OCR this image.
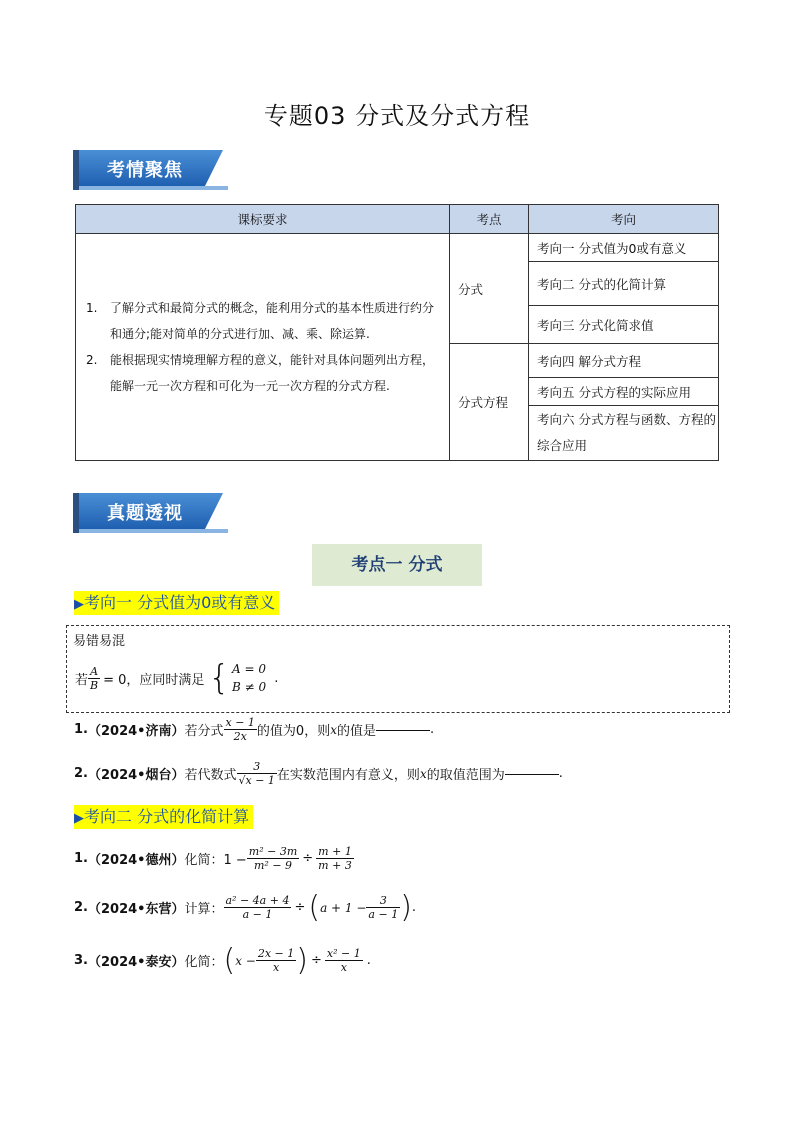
专题03 分式及分式方程
考情聚焦
课标要求	考点	考向

1. 了解分式和最简分式的概念，能利用分式的基本性质进行约分和通分;能对简单的分式进行加、减、乘、除运算.
2. 能根据现实情境理解方程的意义，能针对具体问题列出方程，能解一元一次方程和可化为一元一次方程的分式方程.	分式	考向一 分式值为0或有意义
		考向二 分式的化简计算
		考向三 分式化简求值
	分式方程	考向四 解分式方程
		考向五 分式方程的实际应用
		考向六 分式方程与函数、方程的综合应用
真题透视
考点一 分式
▶考向一 分式值为0或有意义
易错易混
若 $\frac{A}{B} = 0$，应同时满足 { A = 0
B ≠ 0
.
1. （2024•济南） 若分式 $\frac{x - 1}{2x}$ 的值为0，则 x 的值是	.
2. （2024•烟台） 若代数式 $\frac{3}{√x - 1}$ 在实数范围内有意义，则 x 的取值范围为	.
▶考向二 分式的化简计算
1. （2024•德州） 化简：$1 - \frac{\text{m² − 3m}}{\text{m² − 9}} \div \frac{m + 1}{m + 3}$
2. （2024•东营） 计算： $\frac{\text{a² − 4a + 4}}{a - 1}$ ÷ ( $a + 1 - \frac{3}{a - 1}$ ) .
3. （2024•泰安） 化简： ( $x - \frac{2x - 1}{x}$ ) ÷ $\frac{\text{x² − 1}}{x}$ .
